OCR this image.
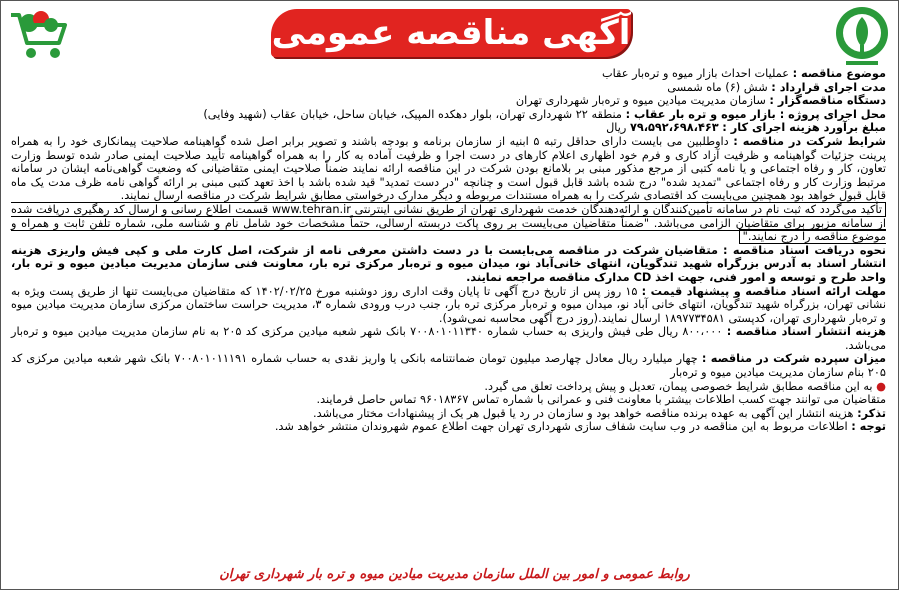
آگهی مناقصه عمومی

موضوع مناقصه : عملیات احداث بازار میوه و تره‌بار عقاب

مدت اجرای قرارداد : شش (۶) ماه شمسی

دستگاه مناقصه‌گزار : سازمان مدیریت میادین میوه و تره‌بار شهرداری تهران

محل اجرای پروژه : بازار میوه و تره بار عقاب : منطقه ۲۲ شهرداری تهران، بلوار دهکده المپیک، خیابان ساحل، خیابان عقاب (شهید وفایی)

مبلغ برآورد هزینه اجرای کار : ۷۹،۵۹۲،۶۹۸،۴۶۳ ریال

شرایط شرکت در مناقصه : داوطلبین می بایست دارای حداقل رتبه ۵ ابنیه از سازمان برنامه و بودجه باشند و تصویر برابر اصل شده گواهینامه صلاحیت پیمانکاری خود را به همراه پرینت جزئیات گواهینامه و ظرفیت آزاد کاری و فرم خود اظهاری اعلام کارهای در دست اجرا و ظرفیت آماده به کار را به همراه گواهینامه تأیید صلاحیت ایمنی صادر شده توسط وزارت تعاون، کار و رفاه اجتماعی و یا نامه کتبی از مرجع مذکور مبنی بر بلامانع بودن شرکت در این مناقصه ارائه نمایند ضمناً صلاحیت ایمنی متقاضیانی که وضعیت گواهی‌نامه ایشان در سامانه مرتبط وزارت کار و رفاه اجتماعی "تمدید شده" درج شده باشد قابل قبول است و چنانچه "در دست تمدید" قید شده باشد با اخذ تعهد کتبی مبنی بر ارائه گواهی نامه ظرف مدت یک ماه قابل قبول خواهد بود همچنین می‌بایست کد اقتصادی شرکت را به همراه مستندات مربوطه و دیگر مدارک درخواستی مطابق شرایط شرکت در مناقصه ارسال نمایند.

تأکید می‌گردد که ثبت نام در سامانه تأمین‌کنندگان و ارائه‌دهندگان خدمت شهرداری تهران از طریق نشانی اینترنتی www.tehran.ir قسمت اطلاع رسانی و ارسال کد رهگیری دریافت شده از سامانه مزبور برای متقاضیان الزامی می‌باشد. "ضمناً متقاضیان می‌بایست بر روی پاکت دربسته ارسالی، حتماً مشخصات خود شامل نام و شناسه ملی، شماره تلفن ثابت و همراه و موضوع مناقصه را درج نمایند."

نحوه دریافت اسناد مناقصه : متقاضیان شرکت در مناقصه می‌بایست با در دست داشتن معرفی نامه از شرکت، اصل کارت ملی و کپی فیش واریزی هزینه انتشار اسناد به آدرس بزرگراه شهید تندگویان، انتهای خانی‌آباد نو، میدان میوه و تره‌بار مرکزی تره بار، معاونت فنی سازمان مدیریت میادین میوه و تره بار، واحد طرح و توسعه و امور فنی، جهت اخذ CD مدارک مناقصه مراجعه نمایند.

مهلت ارائه اسناد مناقصه و پیشنهاد قیمت : ۱۵ روز پس از تاریخ درج آگهی تا پایان وقت اداری روز دوشنبه مورخ ۱۴۰۲/۰۲/۲۵ که متقاضیان می‌بایست تنها از طریق پست ویژه به نشانی تهران، بزرگراه شهید تندگویان، انتهای خانی آباد نو، میدان میوه و تره‌بار مرکزی تره بار، جنب درب ورودی شماره ۳، مدیریت حراست ساختمان مرکزی سازمان مدیریت میادین میوه و تره‌بار شهرداری تهران، کدپستی ۱۸۹۷۷۳۴۵۸۱ ارسال نمایند.(روز درج آگهی محاسبه نمی‌شود).

هزینه انتشار اسناد مناقصه : ۸۰۰،۰۰۰ ریال طی فیش واریزی به حساب شماره ۷۰۰۸۰۱۰۱۱۳۴۰ بانک شهر شعبه میادین مرکزی کد ۲۰۵ به نام سازمان مدیریت میادین میوه و تره‌بار می‌باشد.

میزان سپرده شرکت در مناقصه : چهار میلیارد ریال معادل چهارصد میلیون تومان ضمانتنامه بانکی یا واریز نقدی به حساب شماره ۷۰۰۸۰۱۰۱۱۱۹۱ بانک شهر شعبه میادین مرکزی کد ۲۰۵ بنام سازمان مدیریت میادین میوه و تره‌بار

● به این مناقصه مطابق شرایط خصوصی پیمان، تعدیل و پیش پرداخت تعلق می گیرد.

متقاضیان می توانند جهت کسب اطلاعات بیشتر با معاونت فنی و عمرانی با شماره تماس ۹۶۰۱۸۳۶۷ تماس حاصل فرمایند.

تذکر: هزینه انتشار این آگهی به عهده برنده مناقصه خواهد بود و سازمان در رد یا قبول هر یک از پیشنهادات مختار می‌باشد.

توجه : اطلاعات مربوط به این مناقصه در وب سایت شفاف سازی شهرداری تهران جهت اطلاع عموم شهروندان منتشر خواهد شد.

روابط عمومی و امور بین الملل سازمان مدیریت میادین میوه و تره بار شهرداری تهران
